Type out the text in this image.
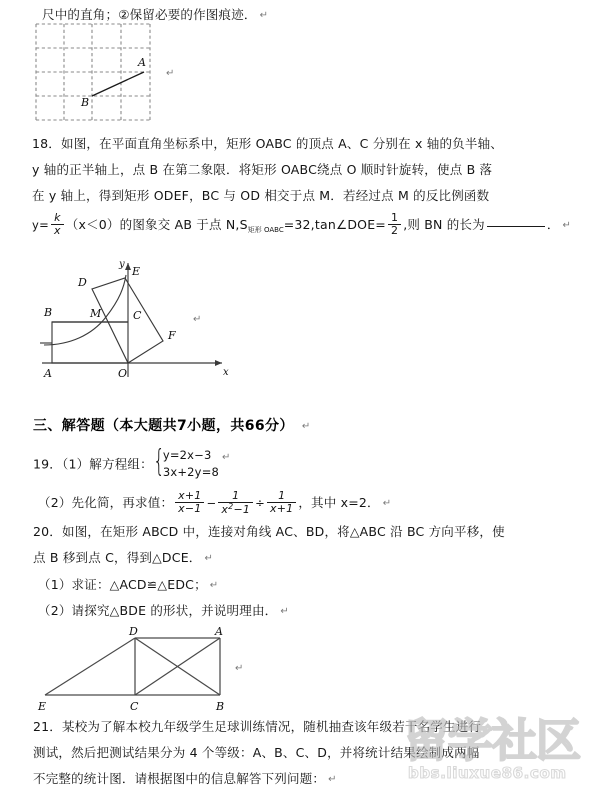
尺中的直角；②保留必要的作图痕迹． ↵
A
B
↵
18．如图，在平面直角坐标系中，矩形 OABC 的顶点 A、C 分别在 x 轴的负半轴、
y 轴的正半轴上，点 B 在第二象限．将矩形 OABC绕点 O 顺时针旋转，使点 B 落
在 y 轴上，得到矩形 ODEF，BC 与 OD 相交于点 M．若经过点 M 的反比例函数
$y= \frac{k}{x} (x<0)$的图象交 AB 于点 $N,S_{矩形 OABC}=32,\tan\angle DOE= \frac{1}{2}$ ,则 BN 的长为	． ↵
A
B	C
D
E
F
M
O
y
x
↵
三、解答题（本大题共7小题，共66分） ↵
19．（1）解方程组： {
y=2x−3
3x+2y=8
↵
（2）先化简，再求值： $\frac{x+1}{x-1} - \frac{1}{x^2-1} \div \frac{1}{x+1}$ ，其中 x=2． ↵
20．如图，在矩形 ABCD 中，连接对角线 AC、BD，将△ABC 沿 BC 方向平移，使
点 B 移到点 C，得到△DCE． ↵
（1）求证：△ACD≌△EDC； ↵
（2）请探究△BDE 的形状，并说明理由． ↵
E	C	B
D	A
↵
21．某校为了解本校九年级学生足球训练情况，随机抽查该年级若干名学生进行
测试，然后把测试结果分为 4 个等级：A、B、C、D，并将统计结果绘制成两幅
不完整的统计图．请根据图中的信息解答下列问题： ↵
留学社区
bbs.liuxue86.com
